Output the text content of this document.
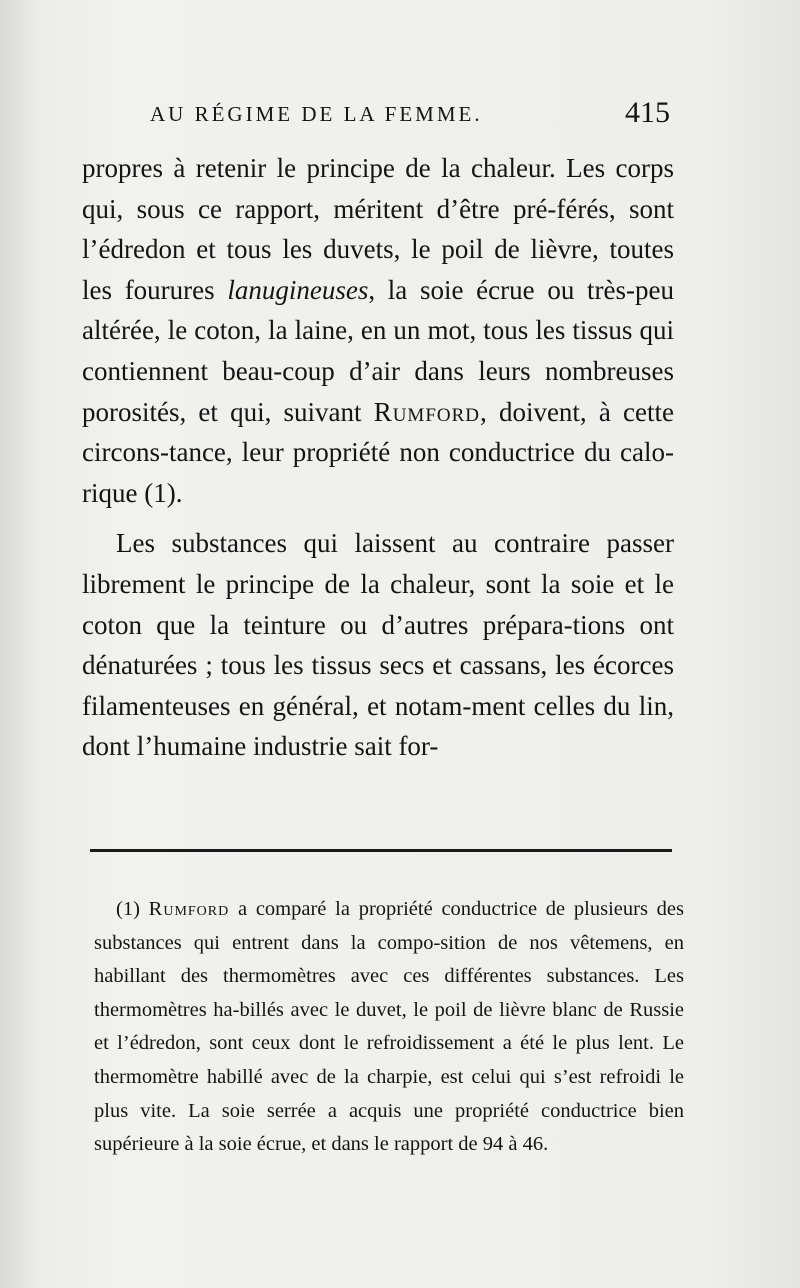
AU RÉGIME DE LA FEMME.	415

propres à retenir le principe de la chaleur. Les corps qui, sous ce rapport, méritent d’être pré-férés, sont l’édredon et tous les duvets, le poil de lièvre, toutes les fourures lanugineuses, la soie écrue ou très-peu altérée, le coton, la laine, en un mot, tous les tissus qui contiennent beau-coup d’air dans leurs nombreuses porosités, et qui, suivant Rumford, doivent, à cette circons-tance, leur propriété non conductrice du calo-rique (1).

Les substances qui laissent au contraire passer librement le principe de la chaleur, sont la soie et le coton que la teinture ou d’autres prépara-tions ont dénaturées ; tous les tissus secs et cassans, les écorces filamenteuses en général, et notam-ment celles du lin, dont l’humaine industrie sait for-

(1) Rumford a comparé la propriété conductrice de plusieurs des substances qui entrent dans la compo-sition de nos vêtemens, en habillant des thermomètres avec ces différentes substances. Les thermomètres ha-billés avec le duvet, le poil de lièvre blanc de Russie et l’édredon, sont ceux dont le refroidissement a été le plus lent. Le thermomètre habillé avec de la charpie, est celui qui s’est refroidi le plus vite. La soie serrée a acquis une propriété conductrice bien supérieure à la soie écrue, et dans le rapport de 94 à 46.
